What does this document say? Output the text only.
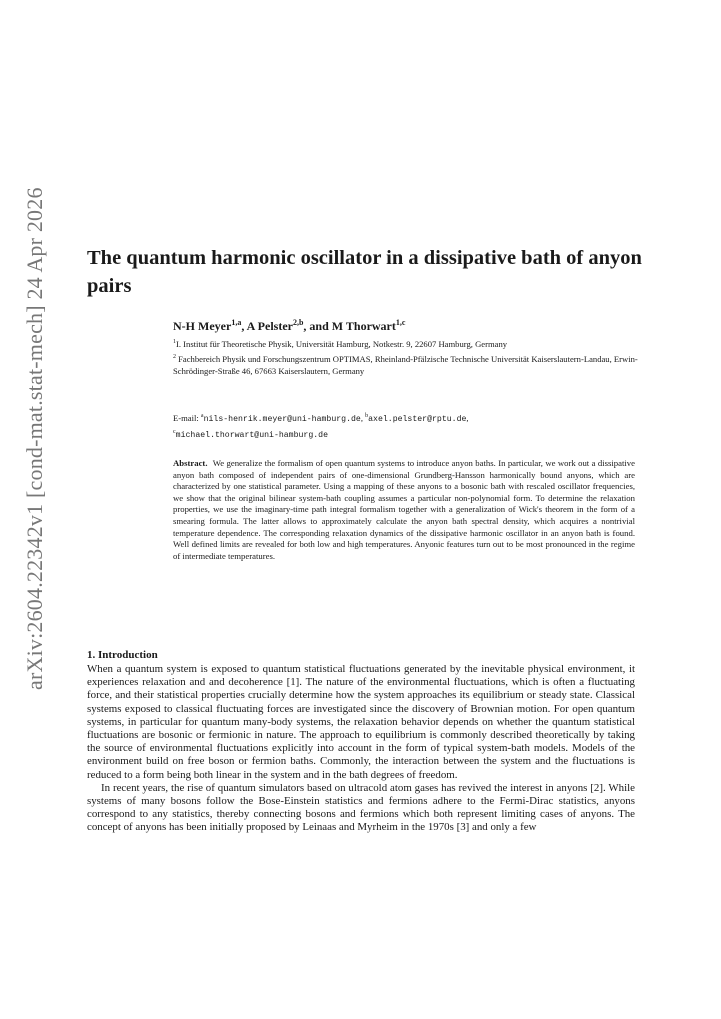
arXiv:2604.22342v1 [cond-mat.stat-mech] 24 Apr 2026 The quantum harmonic oscillator in a dissipative bath of anyon pairs
N-H Meyer$^{1,a}$, A Pelster$^{2,b}$, and M Thorwart$^{1,c}$
$^1$I. Institut für Theoretische Physik, Universität Hamburg, Notkestr. 9, 22607 Hamburg, Germany
$^2$ Fachbereich Physik und Forschungszentrum OPTIMAS, Rheinland-Pfälzische Technische Universität Kaiserslautern-Landau, Erwin-Schrödinger-Straße 46, 67663 Kaiserslautern, Germany
E-mail: $^a$nils-henrik.meyer@uni-hamburg.de, $^b$axel.pelster@rptu.de,
$^c$michael.thorwart@uni-hamburg.de

Abstract. We generalize the formalism of open quantum systems to introduce anyon baths. In particular, we work out a dissipative anyon bath composed of independent pairs of one-dimensional Grundberg-Hansson harmonically bound anyons, which are characterized by one statistical parameter. Using a mapping of these anyons to a bosonic bath with rescaled oscillator frequencies, we show that the original bilinear system-bath coupling assumes a particular non-polynomial form. To determine the relaxation properties, we use the imaginary-time path integral formalism together with a generalization of Wick's theorem in the form of a smearing formula. The latter allows to approximately calculate the anyon bath spectral density, which acquires a nontrivial temperature dependence. The corresponding relaxation dynamics of the dissipative harmonic oscillator in an anyon bath is found. Well defined limits are revealed for both low and high temperatures. Anyonic features turn out to be most pronounced in the regime of intermediate temperatures.

1. Introduction

When a quantum system is exposed to quantum statistical fluctuations generated by the inevitable physical environment, it experiences relaxation and and decoherence [1]. The nature of the environmental fluctuations, which is often a fluctuating force, and their statistical properties crucially determine how the system approaches its equilibrium or steady state. Classical systems exposed to classical fluctuating forces are investigated since the discovery of Brownian motion. For open quantum systems, in particular for quantum many-body systems, the relaxation behavior depends on whether the quantum statistical fluctuations are bosonic or fermionic in nature. The approach to equilibrium is commonly described theoretically by taking the source of environmental fluctuations explicitly into account in the form of typical system-bath models. Models of the environment build on free boson or fermion baths. Commonly, the interaction between the system and the fluctuations is reduced to a form being both linear in the system and in the bath degrees of freedom.

In recent years, the rise of quantum simulators based on ultracold atom gases has revived the interest in anyons [2]. While systems of many bosons follow the Bose-Einstein statistics and fermions adhere to the Fermi-Dirac statistics, anyons correspond to any statistics, thereby connecting bosons and fermions which both represent limiting cases of anyons. The concept of anyons has been initially proposed by Leinaas and Myrheim in the 1970s [3] and only a few
